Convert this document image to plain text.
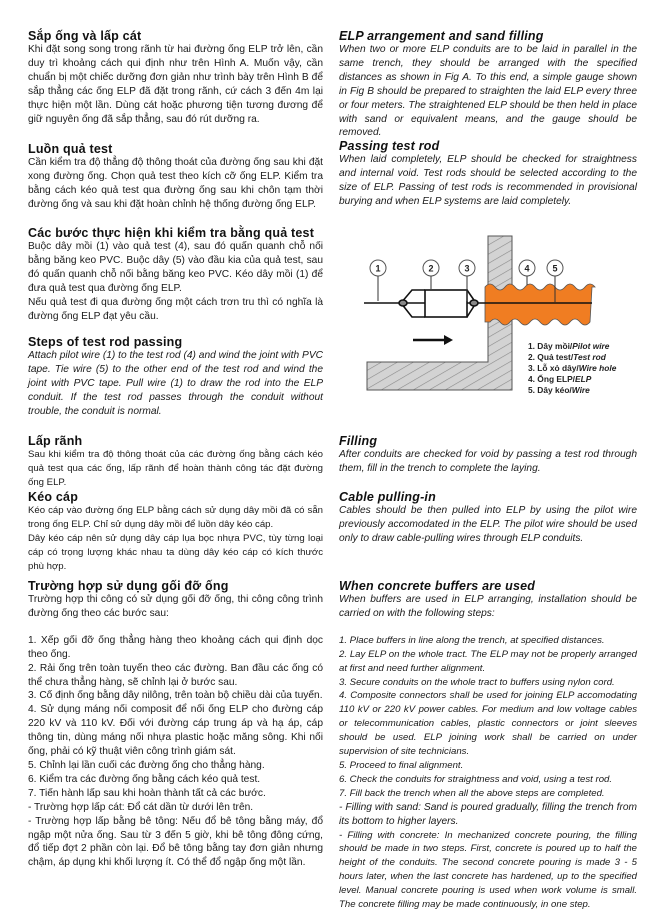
Sắp ống và lấp cát

Khi đặt song song trong rãnh từ hai đường ống ELP trở lên, cần duy trì khoảng cách qui định như trên Hình A. Muốn vậy, cần chuẩn bị một chiếc dưỡng đơn giản như trình bày trên Hình B để sắp thẳng các ống ELP đã đặt trong rãnh, cứ cách 3 đến 4m lại thực hiện một lần. Dùng cát hoặc phương tiện tương đương để giữ nguyên ống đã sắp thẳng, sau đó rút dưỡng ra.

Luồn quả test

Cần kiểm tra độ thẳng độ thông thoát của đường ống sau khi đặt xong đường ống. Chọn quả test theo kích cỡ ống ELP. Kiểm tra bằng cách kéo quả test qua đường ống sau khi chôn tạm thời đường ống và sau khi đặt hoàn chỉnh hệ thống đường ống ELP.

Các bước thực hiện khi kiểm tra bằng quả test

Buộc dây mồi (1) vào quả test (4), sau đó quấn quanh chỗ nối bằng băng keo PVC. Buộc dây (5) vào đầu kia của quả test, sau đó quấn quanh chỗ nối bằng băng keo PVC. Kéo dây mồi (1) để đưa quả test qua đường ống ELP.

Nếu quả test đi qua đường ống một cách trơn tru thì có nghĩa là đường ống ELP đạt yêu cầu.

Steps of test rod passing

Attach pilot wire (1) to the test rod (4) and wind the joint with PVC tape. Tie wire (5) to the other end of the test rod and wind the joint with PVC tape. Pull wire (1) to draw the rod into the ELP conduit. If the test rod passes through the conduit without trouble, the conduit is normal.

Lấp rãnh

Sau khi kiểm tra độ thông thoát của các đường ống bằng cách kéo quả test qua các ống, lấp rãnh để hoàn thành công tác đặt đường ống ELP.

Kéo cáp

Kéo cáp vào đường ống ELP bằng cách sử dụng dây mồi đã có sẵn trong ống ELP. Chỉ sử dụng dây mồi để luồn dây kéo cáp.

Dây kéo cáp nên sử dụng dây cáp lụa bọc nhựa PVC, tùy từng loại cáp có trọng lượng khác nhau ta dùng dây kéo cáp có kích thước phù hợp.

Trường hợp sử dụng gối đỡ ống

Trường hợp thi công có sử dụng gối đỡ ống, thi công công trình đường ống theo các bước sau:

1. Xếp gối đỡ ống thẳng hàng theo khoảng cách qui định dọc theo ống.

2. Rải ống trên toàn tuyến theo các đường. Ban đầu các ống có thể chưa thẳng hàng, sẽ chỉnh lại ở bước sau.

3. Cố định ống bằng dây nilông, trên toàn bộ chiều dài của tuyến.

4. Sử dụng máng nối composit để nối ống ELP cho đường cáp 220 kV và 110 kV. Đối với đường cáp trung áp và hạ áp, cáp thông tin, dùng máng nối nhựa plastic hoặc măng sông. Khi nối ống, phải có kỹ thuật viên công trình giám sát.

5. Chỉnh lại lần cuối các đường ống cho thẳng hàng.

6. Kiểm tra các đường ống bằng cách kéo quả test.

7. Tiến hành lấp sau khi hoàn thành tất cả các bước.

- Trường hợp lấp cát: Đổ cát dần từ dưới lên trên.

- Trường hợp lấp bằng bê tông: Nếu đổ bê tông bằng máy, đổ ngập một nửa ống. Sau từ 3 đến 5 giờ, khi bê tông đông cứng, đổ tiếp đợt 2 phần còn lại. Đổ bê tông bằng tay đơn giản nhưng chậm, áp dụng khi khối lượng ít. Có thể đổ ngập ống một lần.

ELP arrangement and sand filling

When two or more ELP conduits are to be laid in parallel in the same trench, they should be arranged with the specified distances as shown in Fig A. To this end, a simple gauge shown in Fig B should be prepared to straighten the laid ELP every three or four meters. The straightened ELP should be then held in place with sand or equivalent means, and the gauge should be removed.

Passing test rod

When laid completely, ELP should be checked for straightness and internal void. Test rods should be selected according to the size of ELP. Passing of test rods is recommended in provisional burying and when ELP systems are laid completely.

1	2	3	4	5
1. Dây mồi/Pilot wire
2. Quả test/Test rod
3. Lỗ xỏ dây/Wire hole
4. Ống ELP/ELP
5. Dây kéo/Wire
Filling

After conduits are checked for void by passing a test rod through them, fill in the trench to complete the laying.

Cable pulling-in

Cables should be then pulled into ELP by using the pilot wire previously accomodated in the ELP. The pilot wire should be used only to draw cable-pulling wires through ELP conduits.

When concrete buffers are used

When buffers are used in ELP arranging, installation should be carried on with the following steps:

1. Place buffers in line along the trench, at specified distances.

2. Lay ELP on the whole tract. The ELP may not be properly arranged at first and need further alignment.

3. Secure conduits on the whole tract to buffers using nylon cord.

4. Composite connectors shall be used for joining ELP accomodating 110 kV or 220 kV power cables. For medium and low voltage cables or telecommunication cables, plastic connectors or joint sleeves should be used. ELP joining work shall be carried on under supervision of site technicians.

5. Proceed to final alignment.

6. Check the conduits for straightness and void, using a test rod.

7. Fill back the trench when all the above steps are completed.

- Filling with sand: Sand is poured gradually, filling the trench from its bottom to higher layers.

- Filling with concrete: In mechanized concrete pouring, the filling should be made in two steps. First, concrete is poured up to half the height of the conduits. The second concrete pouring is made 3 - 5 hours later, when the last concrete has hardened, up to the specified level. Manual concrete pouring is used when work volume is small. The concrete filling may be made continuously, in one step.
